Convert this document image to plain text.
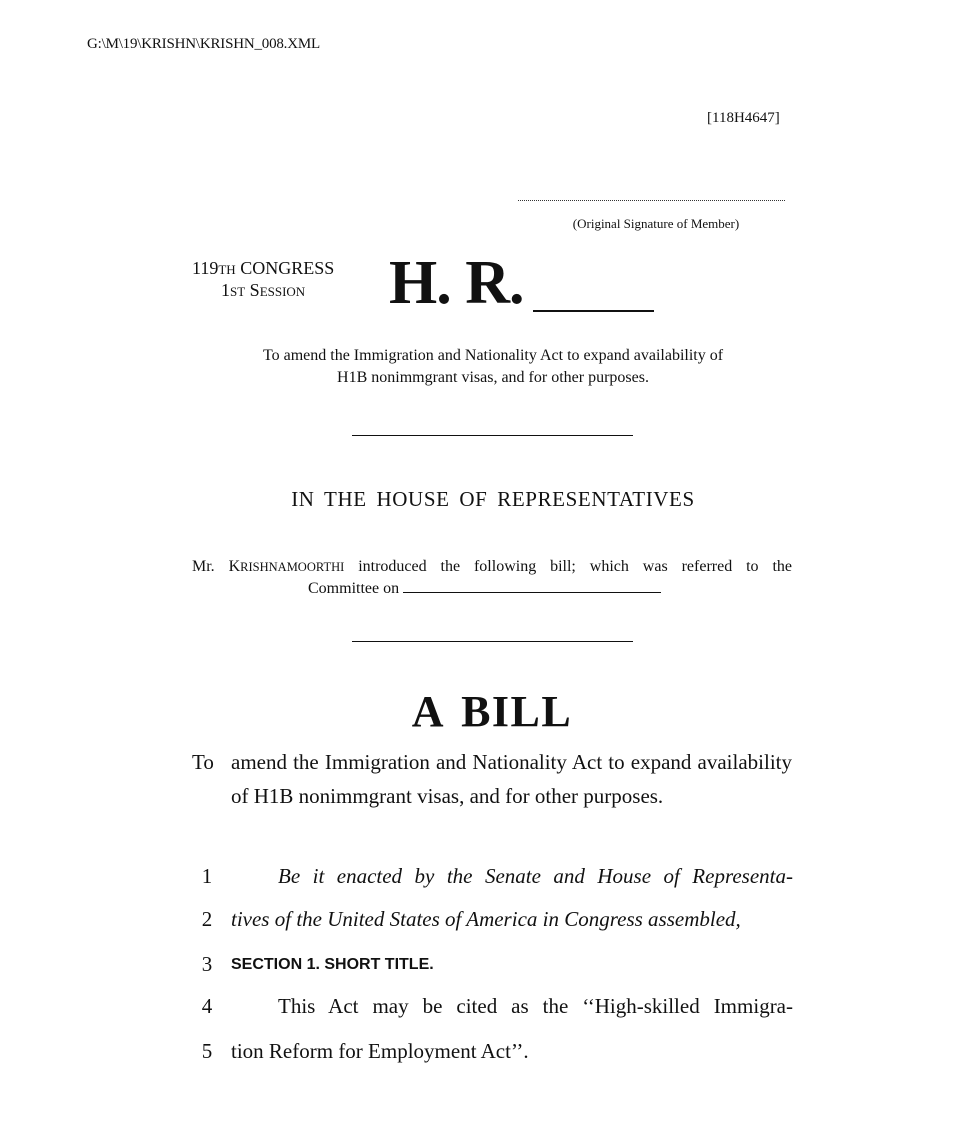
G:\M\19\KRISHN\KRISHN_008.XML
[118H4647]
(Original Signature of Member)
119TH CONGRESS
1ST SESSION	H. R.
To amend the Immigration and Nationality Act to expand availability of
H1B nonimmgrant visas, and for other purposes.
IN THE HOUSE OF REPRESENTATIVES
Mr. KRISHNAMOORTHI introduced the following bill; which was referred to the
Committee on
A BILL
To amend the Immigration and Nationality Act to expand availability of H1B nonimmgrant visas, and for other purposes.
1	Be it enacted by the Senate and House of Representa-
2 tives of the United States of America in Congress assembled,
3	SECTION 1. SHORT TITLE.
4	This Act may be cited as the ‘‘High-skilled Immigra-
5 tion Reform for Employment Act’’.
